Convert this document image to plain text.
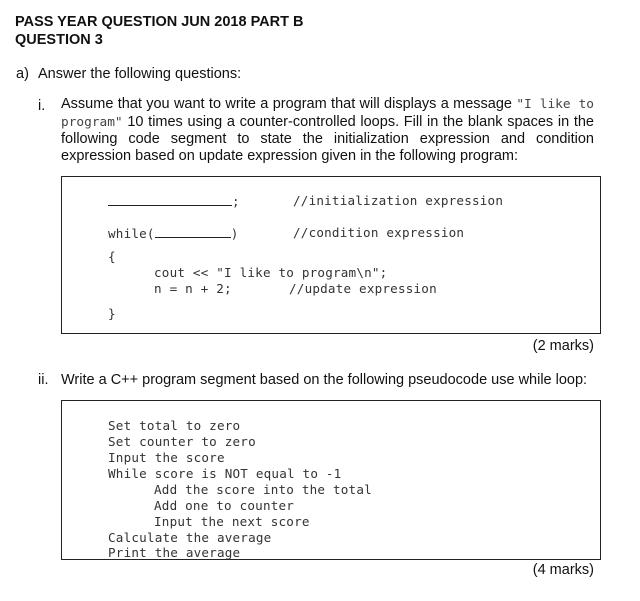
PASS YEAR QUESTION JUN 2018 PART B
QUESTION 3
a) Answer the following questions:
i. Assume that you want to write a program that will displays a message "I like to program" 10 times using a counter-controlled loops. Fill in the blank spaces in the following code segment to state the initialization expression and condition expression based on update expression given in the following program:
;	//initialization expression
while(	)	//condition expression
{
cout << "I like to program\n";
n = n + 2;	//update expression
}
(2 marks)
ii. Write a C++ program segment based on the following pseudocode use while loop:
Set total to zero
Set counter to zero
Input the score
While score is NOT equal to -1
Add the score into the total
Add one to counter
Input the next score
Calculate the average
Print the average
(4 marks)
